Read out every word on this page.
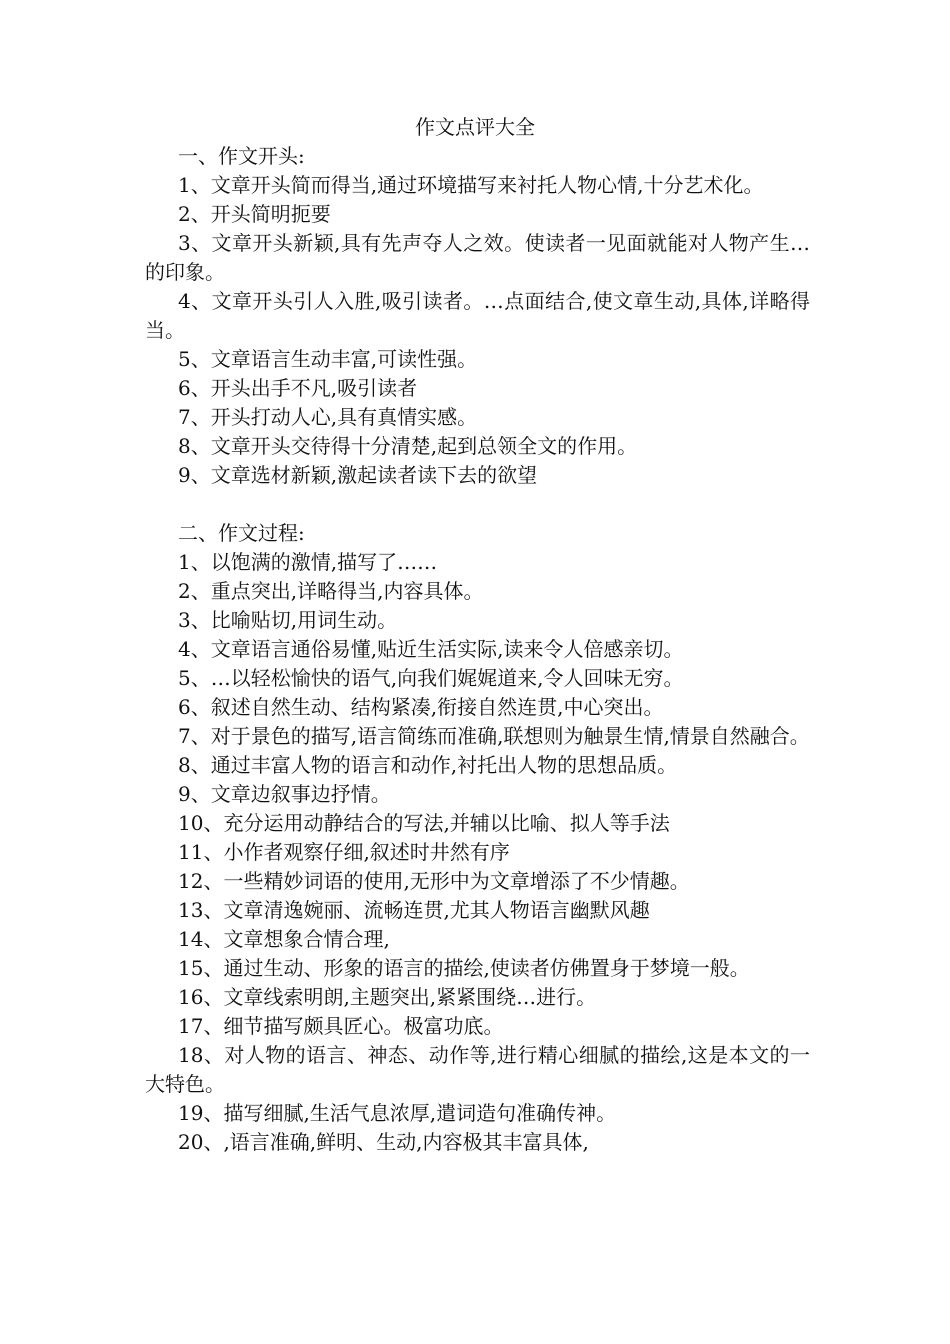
作文点评大全

一、作文开头:

1、文章开头简而得当,通过环境描写来衬托人物心情,十分艺术化。

2、开头简明扼要

3、文章开头新颖,具有先声夺人之效。使读者一见面就能对人物产生…的印象。

4、文章开头引人入胜,吸引读者。…点面结合,使文章生动,具体,详略得当。

5、文章语言生动丰富,可读性强。

6、开头出手不凡,吸引读者

7、开头打动人心,具有真情实感。

8、文章开头交待得十分清楚,起到总领全文的作用。

9、文章选材新颖,激起读者读下去的欲望

二、作文过程:

1、以饱满的激情,描写了……

2、重点突出,详略得当,内容具体。

3、比喻贴切,用词生动。

4、文章语言通俗易懂,贴近生活实际,读来令人倍感亲切。

5、…以轻松愉快的语气,向我们娓娓道来,令人回味无穷。

6、叙述自然生动、结构紧凑,衔接自然连贯,中心突出。

7、对于景色的描写,语言简练而准确,联想则为触景生情,情景自然融合。

8、通过丰富人物的语言和动作,衬托出人物的思想品质。

9、文章边叙事边抒情。

10、充分运用动静结合的写法,并辅以比喻、拟人等手法

11、小作者观察仔细,叙述时井然有序

12、一些精妙词语的使用,无形中为文章增添了不少情趣。

13、文章清逸婉丽、流畅连贯,尤其人物语言幽默风趣

14、文章想象合情合理,

15、通过生动、形象的语言的描绘,使读者仿佛置身于梦境一般。

16、文章线索明朗,主题突出,紧紧围绕…进行。

17、细节描写颇具匠心。极富功底。

18、对人物的语言、神态、动作等,进行精心细腻的描绘,这是本文的一大特色。

19、描写细腻,生活气息浓厚,遣词造句准确传神。

20、,语言准确,鲜明、生动,内容极其丰富具体,
